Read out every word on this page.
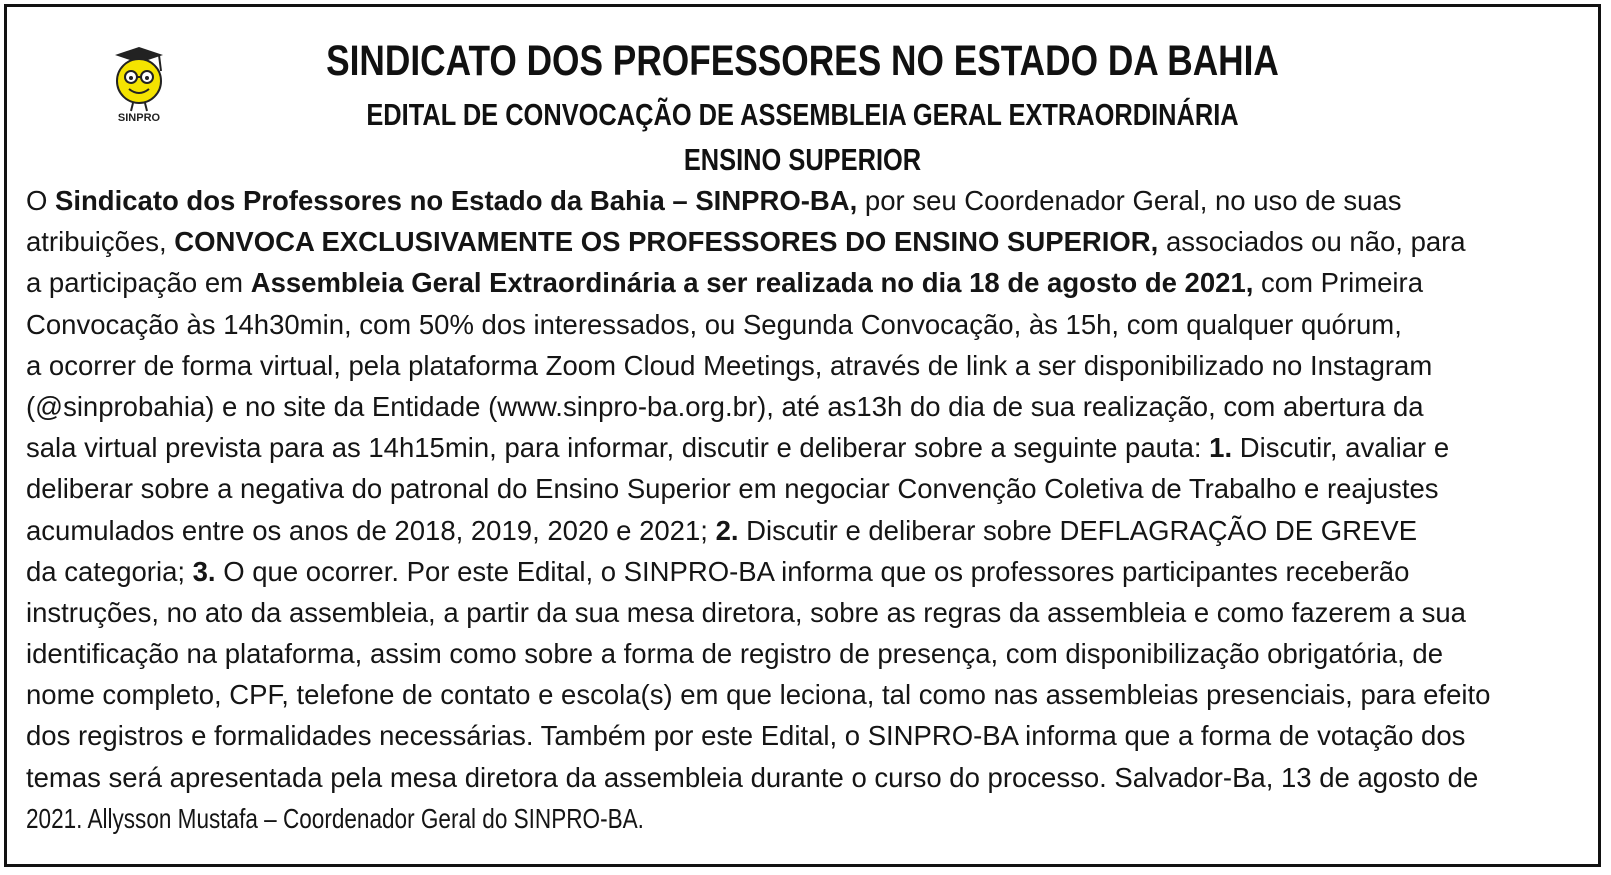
SINPRO
SINDICATO DOS PROFESSORES NO ESTADO DA BAHIA
EDITAL DE CONVOCAÇÃO DE ASSEMBLEIA GERAL EXTRAORDINÁRIA
ENSINO SUPERIOR
O Sindicato dos Professores no Estado da Bahia – SINPRO-BA, por seu Coordenador Geral, no uso de suas
atribuições, CONVOCA EXCLUSIVAMENTE OS PROFESSORES DO ENSINO SUPERIOR, associados ou não, para
a participação em Assembleia Geral Extraordinária a ser realizada no dia 18 de agosto de 2021, com Primeira
Convocação às 14h30min, com 50% dos interessados, ou Segunda Convocação, às 15h, com qualquer quórum,
a ocorrer de forma virtual, pela plataforma Zoom Cloud Meetings, através de link a ser disponibilizado no Instagram
(@sinprobahia) e no site da Entidade (www.sinpro-ba.org.br), até as13h do dia de sua realização, com abertura da
sala virtual prevista para as 14h15min, para informar, discutir e deliberar sobre a seguinte pauta: 1. Discutir, avaliar e
deliberar sobre a negativa do patronal do Ensino Superior em negociar Convenção Coletiva de Trabalho e reajustes
acumulados entre os anos de 2018, 2019, 2020 e 2021; 2. Discutir e deliberar sobre DEFLAGRAÇÃO DE GREVE
da categoria; 3. O que ocorrer. Por este Edital, o SINPRO-BA informa que os professores participantes receberão
instruções, no ato da assembleia, a partir da sua mesa diretora, sobre as regras da assembleia e como fazerem a sua
identificação na plataforma, assim como sobre a forma de registro de presença, com disponibilização obrigatória, de
nome completo, CPF, telefone de contato e escola(s) em que leciona, tal como nas assembleias presenciais, para efeito
dos registros e formalidades necessárias. Também por este Edital, o SINPRO-BA informa que a forma de votação dos
temas será apresentada pela mesa diretora da assembleia durante o curso do processo. Salvador-Ba, 13 de agosto de
2021. Allysson Mustafa – Coordenador Geral do SINPRO-BA.
